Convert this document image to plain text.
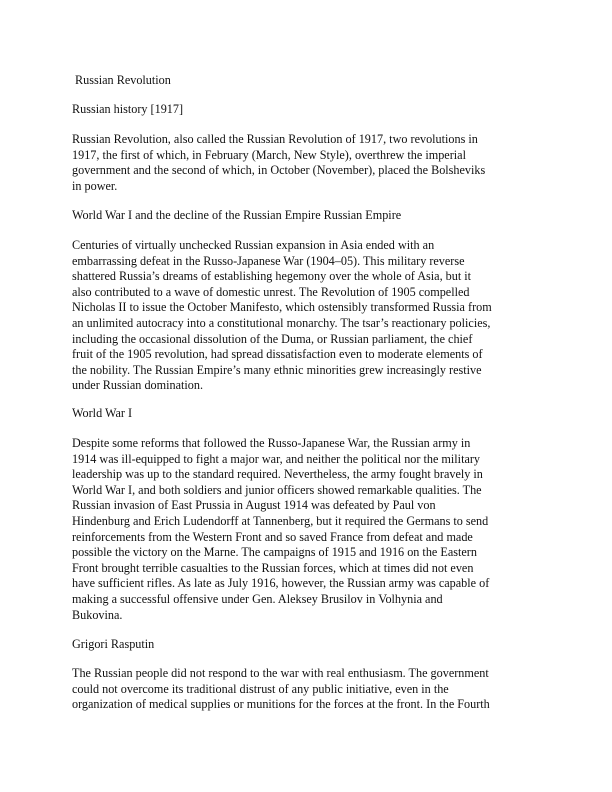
Russian Revolution
Russian history [1917]
Russian Revolution, also called the Russian Revolution of 1917, two revolutions in
1917, the first of which, in February (March, New Style), overthrew the imperial
government and the second of which, in October (November), placed the Bolsheviks
in power.
World War I and the decline of the Russian Empire Russian Empire
Centuries of virtually unchecked Russian expansion in Asia ended with an
embarrassing defeat in the Russo-Japanese War (1904–05). This military reverse
shattered Russia’s dreams of establishing hegemony over the whole of Asia, but it
also contributed to a wave of domestic unrest. The Revolution of 1905 compelled
Nicholas II to issue the October Manifesto, which ostensibly transformed Russia from
an unlimited autocracy into a constitutional monarchy. The tsar’s reactionary policies,
including the occasional dissolution of the Duma, or Russian parliament, the chief
fruit of the 1905 revolution, had spread dissatisfaction even to moderate elements of
the nobility. The Russian Empire’s many ethnic minorities grew increasingly restive
under Russian domination.
World War I
Despite some reforms that followed the Russo-Japanese War, the Russian army in
1914 was ill-equipped to fight a major war, and neither the political nor the military
leadership was up to the standard required. Nevertheless, the army fought bravely in
World War I, and both soldiers and junior officers showed remarkable qualities. The
Russian invasion of East Prussia in August 1914 was defeated by Paul von
Hindenburg and Erich Ludendorff at Tannenberg, but it required the Germans to send
reinforcements from the Western Front and so saved France from defeat and made
possible the victory on the Marne. The campaigns of 1915 and 1916 on the Eastern
Front brought terrible casualties to the Russian forces, which at times did not even
have sufficient rifles. As late as July 1916, however, the Russian army was capable of
making a successful offensive under Gen. Aleksey Brusilov in Volhynia and
Bukovina.
Grigori Rasputin
The Russian people did not respond to the war with real enthusiasm. The government
could not overcome its traditional distrust of any public initiative, even in the
organization of medical supplies or munitions for the forces at the front. In the Fourth
